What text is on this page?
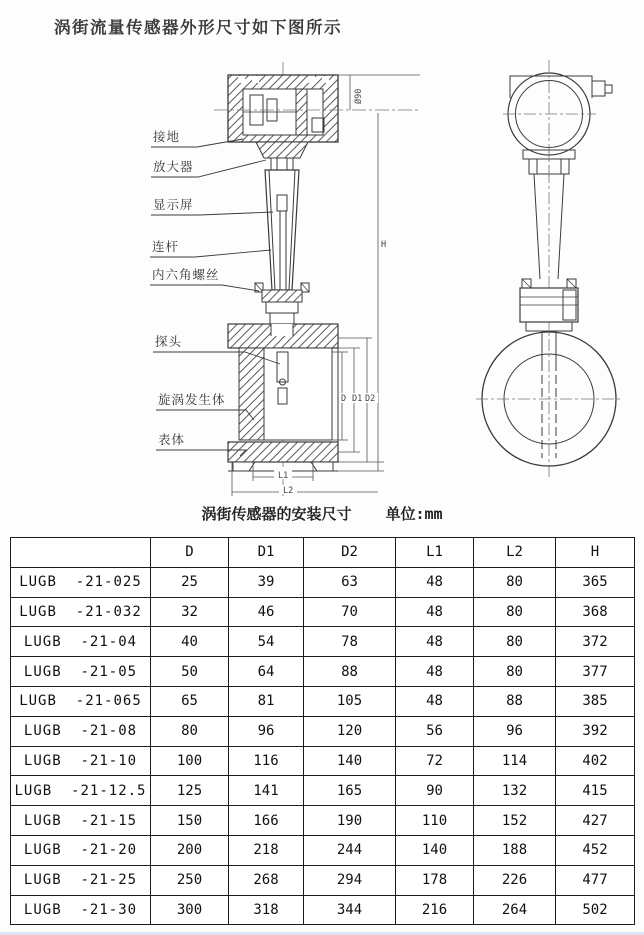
涡街流量传感器外形尺寸如下图所示
接地
放大器
显示屏
连杆
内六角螺丝
探头
旋涡发生体
表体
Ø90
H
D D1 D2
L1
L2
涡街传感器的安装尺寸 单位:mm
	D	D1	D2	L1	L2	H
LUGB  -21-025	25	39	63	48	80	365
LUGB  -21-032	32	46	70	48	80	368
LUGB  -21-04	40	54	78	48	80	372
LUGB  -21-05	50	64	88	48	80	377
LUGB  -21-065	65	81	105	48	88	385
LUGB  -21-08	80	96	120	56	96	392
LUGB  -21-10	100	116	140	72	114	402
LUGB  -21-12.5	125	141	165	90	132	415
LUGB  -21-15	150	166	190	110	152	427
LUGB  -21-20	200	218	244	140	188	452
LUGB  -21-25	250	268	294	178	226	477
LUGB  -21-30	300	318	344	216	264	502
